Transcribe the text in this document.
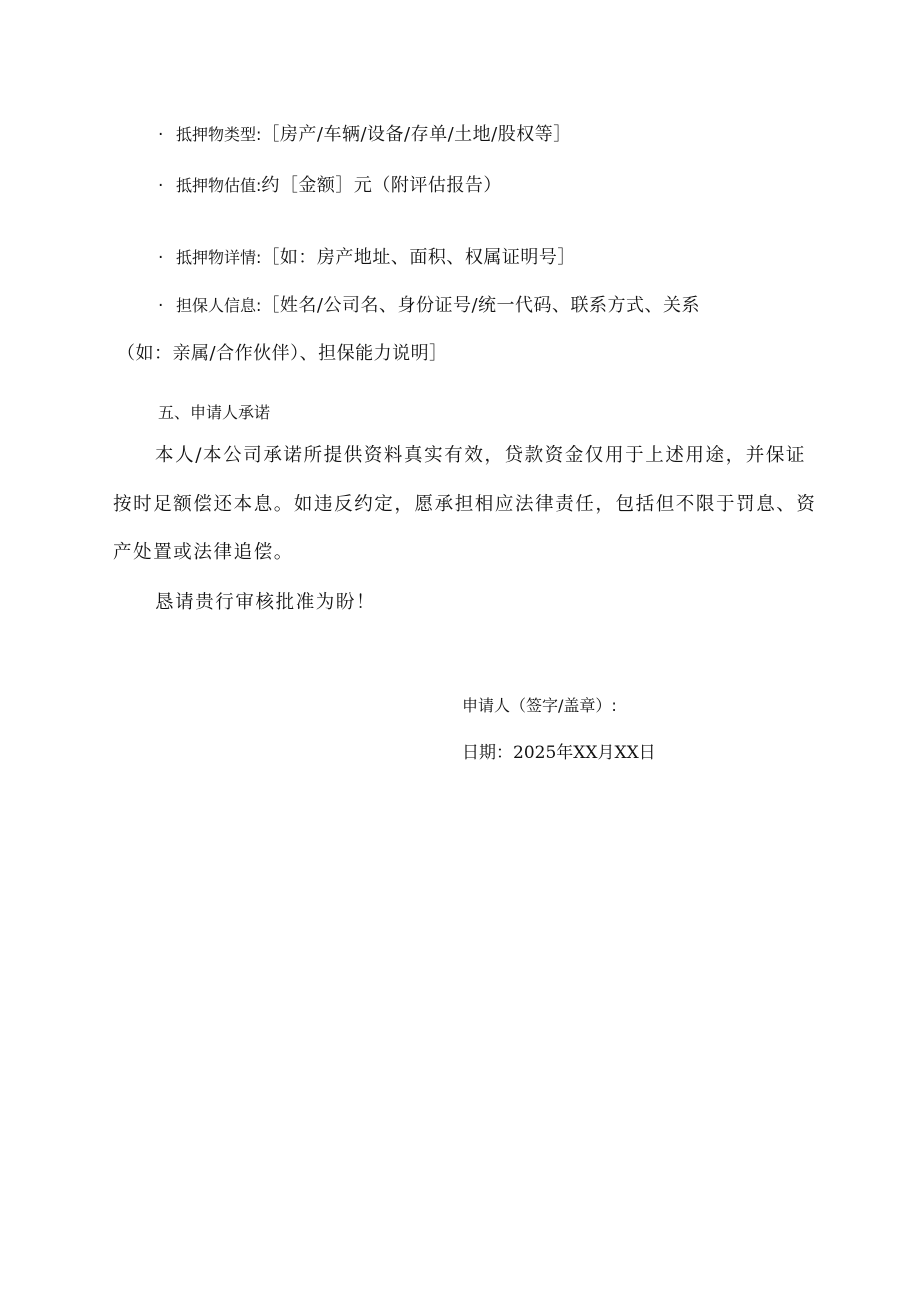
· 抵押物类型:［房产/车辆/设备/存单/土地/股权等］
· 抵押物估值:约［金额］元（附评估报告）
· 抵押物详情:［如：房产地址、面积、权属证明号］
· 担保人信息:［姓名/公司名、身份证号/统一代码、联系方式、关系
（如：亲属/合作伙伴）、担保能力说明］
五、申请人承诺
本人/本公司承诺所提供资料真实有效，贷款资金仅用于上述用途，并保证
按时足额偿还本息。如违反约定，愿承担相应法律责任，包括但不限于罚息、资
产处置或法律追偿。
恳请贵行审核批准为盼！
申请人（签字/盖章）:
日期：2025年XX月XX日
